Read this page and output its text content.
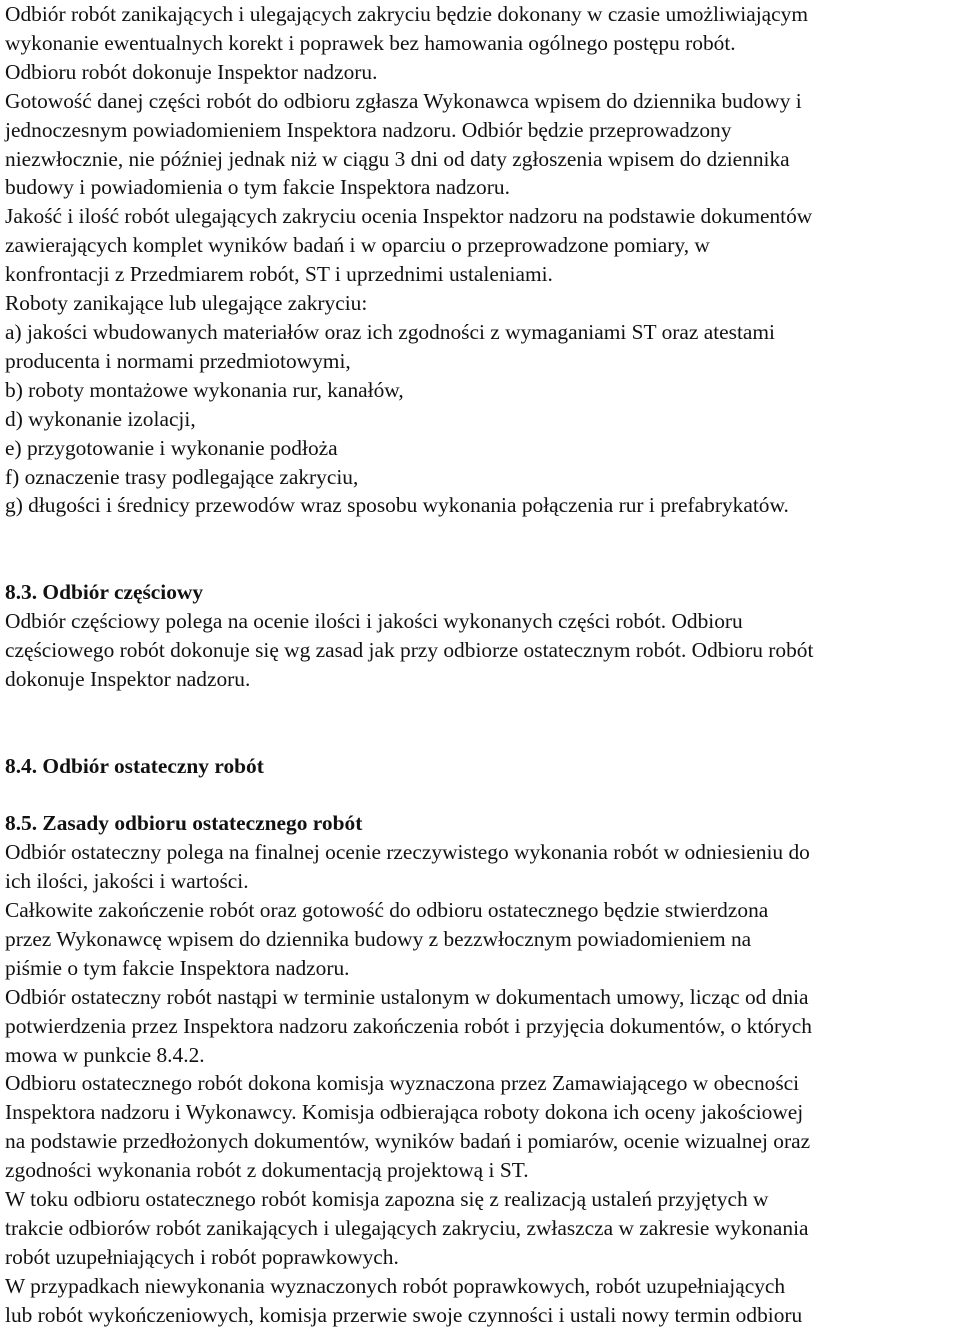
Odbiór robót zanikających i ulegających zakryciu będzie dokonany w czasie umożliwiającym

wykonanie ewentualnych korekt i poprawek bez hamowania ogólnego postępu robót.

Odbioru robót dokonuje Inspektor nadzoru.

Gotowość danej części robót do odbioru zgłasza Wykonawca wpisem do dziennika budowy i

jednoczesnym powiadomieniem Inspektora nadzoru. Odbiór będzie przeprowadzony

niezwłocznie, nie później jednak niż w ciągu 3 dni od daty zgłoszenia wpisem do dziennika

budowy i powiadomienia o tym fakcie Inspektora nadzoru.

Jakość i ilość robót ulegających zakryciu ocenia Inspektor nadzoru na podstawie dokumentów

zawierających komplet wyników badań i w oparciu o przeprowadzone pomiary, w

konfrontacji z Przedmiarem robót, ST i uprzednimi ustaleniami.

Roboty zanikające lub ulegające zakryciu:

a) jakości wbudowanych materiałów oraz ich zgodności z wymaganiami ST oraz atestami

producenta i normami przedmiotowymi,

b) roboty montażowe wykonania rur, kanałów,

d) wykonanie izolacji,

e) przygotowanie i wykonanie podłoża

f) oznaczenie trasy podlegające zakryciu,

g) długości i średnicy przewodów wraz sposobu wykonania połączenia rur i prefabrykatów.

8.3. Odbiór częściowy

Odbiór częściowy polega na ocenie ilości i jakości wykonanych części robót. Odbioru

częściowego robót dokonuje się wg zasad jak przy odbiorze ostatecznym robót. Odbioru robót

dokonuje Inspektor nadzoru.

8.4. Odbiór ostateczny robót

8.5. Zasady odbioru ostatecznego robót

Odbiór ostateczny polega na finalnej ocenie rzeczywistego wykonania robót w odniesieniu do

ich ilości, jakości i wartości.

Całkowite zakończenie robót oraz gotowość do odbioru ostatecznego będzie stwierdzona

przez Wykonawcę wpisem do dziennika budowy z bezzwłocznym powiadomieniem na

piśmie o tym fakcie Inspektora nadzoru.

Odbiór ostateczny robót nastąpi w terminie ustalonym w dokumentach umowy, licząc od dnia

potwierdzenia przez Inspektora nadzoru zakończenia robót i przyjęcia dokumentów, o których

mowa w punkcie 8.4.2.

Odbioru ostatecznego robót dokona komisja wyznaczona przez Zamawiającego w obecności

Inspektora nadzoru i Wykonawcy. Komisja odbierająca roboty dokona ich oceny jakościowej

na podstawie przedłożonych dokumentów, wyników badań i pomiarów, ocenie wizualnej oraz

zgodności wykonania robót z dokumentacją projektową i ST.

W toku odbioru ostatecznego robót komisja zapozna się z realizacją ustaleń przyjętych w

trakcie odbiorów robót zanikających i ulegających zakryciu, zwłaszcza w zakresie wykonania

robót uzupełniających i robót poprawkowych.

W przypadkach niewykonania wyznaczonych robót poprawkowych, robót uzupełniających

lub robót wykończeniowych, komisja przerwie swoje czynności i ustali nowy termin odbioru
